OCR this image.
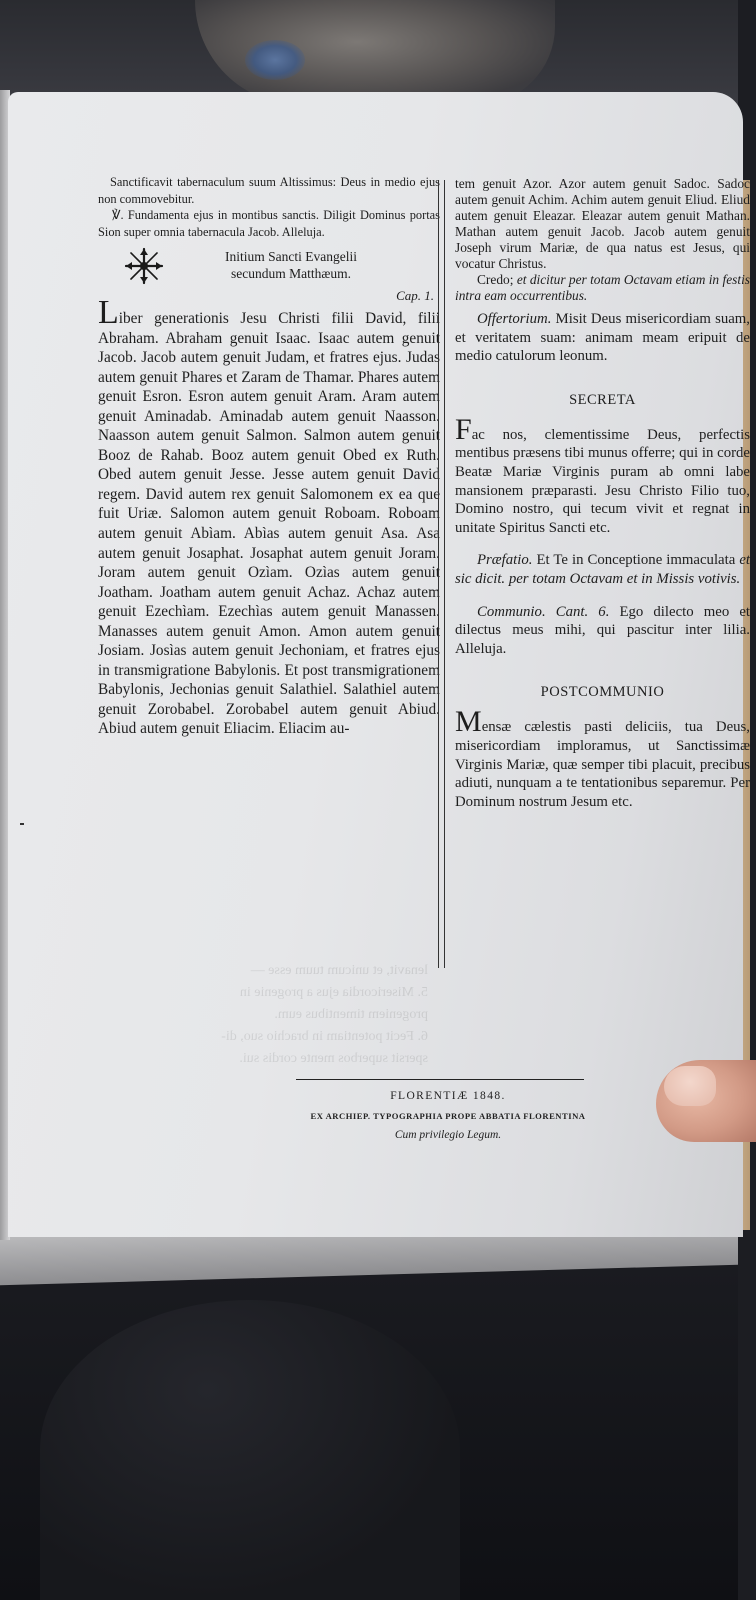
lenavit, et unicum tuum esse —
5. Misericordia ejus a progenie in
progeniem timentibus eum.
6. Fecit potentiam in brachio suo, di-
spersit superbos mente cordis sui.

Sanctificavit tabernaculum suum Altissimus: Deus in medio ejus non commovebitur.

℣. Fundamenta ejus in montibus sanctis. Diligit Dominus portas Sion super omnia tabernacula Jacob. Alleluja.

Initium Sancti Evangelii
secundum Matthæum.

Cap. 1.

Liber generationis Jesu Christi filii David, filii Abraham. Abraham genuit Isaac. Isaac autem genuit Jacob. Jacob autem genuit Judam, et fratres ejus. Judas autem genuit Phares et Zaram de Thamar. Phares autem genuit Esron. Esron autem genuit Aram. Aram autem genuit Aminadab. Aminadab autem genuit Naasson. Naasson autem genuit Salmon. Salmon autem genuit Booz de Rahab. Booz autem genuit Obed ex Ruth. Obed autem genuit Jesse. Jesse autem genuit David regem. David autem rex genuit Salomonem ex ea que fuit Uriæ. Salomon autem genuit Roboam. Roboam autem genuit Abìam. Abìas autem genuit Asa. Asa autem genuit Josaphat. Josaphat autem genuit Joram. Joram autem genuit Ozìam. Ozìas autem genuit Joatham. Joatham autem genuit Achaz. Achaz autem genuit Ezechìam. Ezechìas autem genuit Manassen. Manasses autem genuit Amon. Amon autem genuit Josiam. Josìas autem genuit Jechoniam, et fratres ejus in transmigratione Babylonis. Et post transmigrationem Babylonis, Jechonias genuit Salathiel. Salathiel autem genuit Zorobabel. Zorobabel autem genuit Abiud. Abiud autem genuit Eliacim. Eliacim au-

tem genuit Azor. Azor autem genuit Sadoc. Sadoc autem genuit Achim. Achim autem genuit Eliud. Eliud autem genuit Eleazar. Eleazar autem genuit Mathan. Mathan autem genuit Jacob. Jacob autem genuit Joseph virum Mariæ, de qua natus est Jesus, qui vocatur Christus.

Credo; et dicitur per totam Octavam etiam in festis intra eam occurrentibus.

Offertorium. Misit Deus misericordiam suam, et veritatem suam: animam meam eripuit de medio catulorum leonum.

SECRETA

Fac nos, clementissime Deus, perfectis mentibus præsens tibi munus offerre; qui in corde Beatæ Mariæ Virginis puram ab omni labe mansionem præparasti. Jesu Christo Filio tuo, Domino nostro, qui tecum vivit et regnat in unitate Spiritus Sancti etc.

Præfatio. Et Te in Conceptione immaculata et sic dicit. per totam Octavam et in Missis votivis.

Communio. Cant. 6. Ego dilecto meo et dilectus meus mihi, qui pascitur inter lilia. Alleluja.

POSTCOMMUNIO

Mensæ cælestis pasti deliciis, tua Deus, misericordiam imploramus, ut Sanctissimæ Virginis Mariæ, quæ semper tibi placuit, precibus adiuti, nunquam a te tentationibus separemur. Per Dominum nostrum Jesum etc.

FLORENTIÆ 1848.
EX ARCHIEP. TYPOGRAPHIA PROPE ABBATIA FLORENTINA
Cum privilegio Legum.
